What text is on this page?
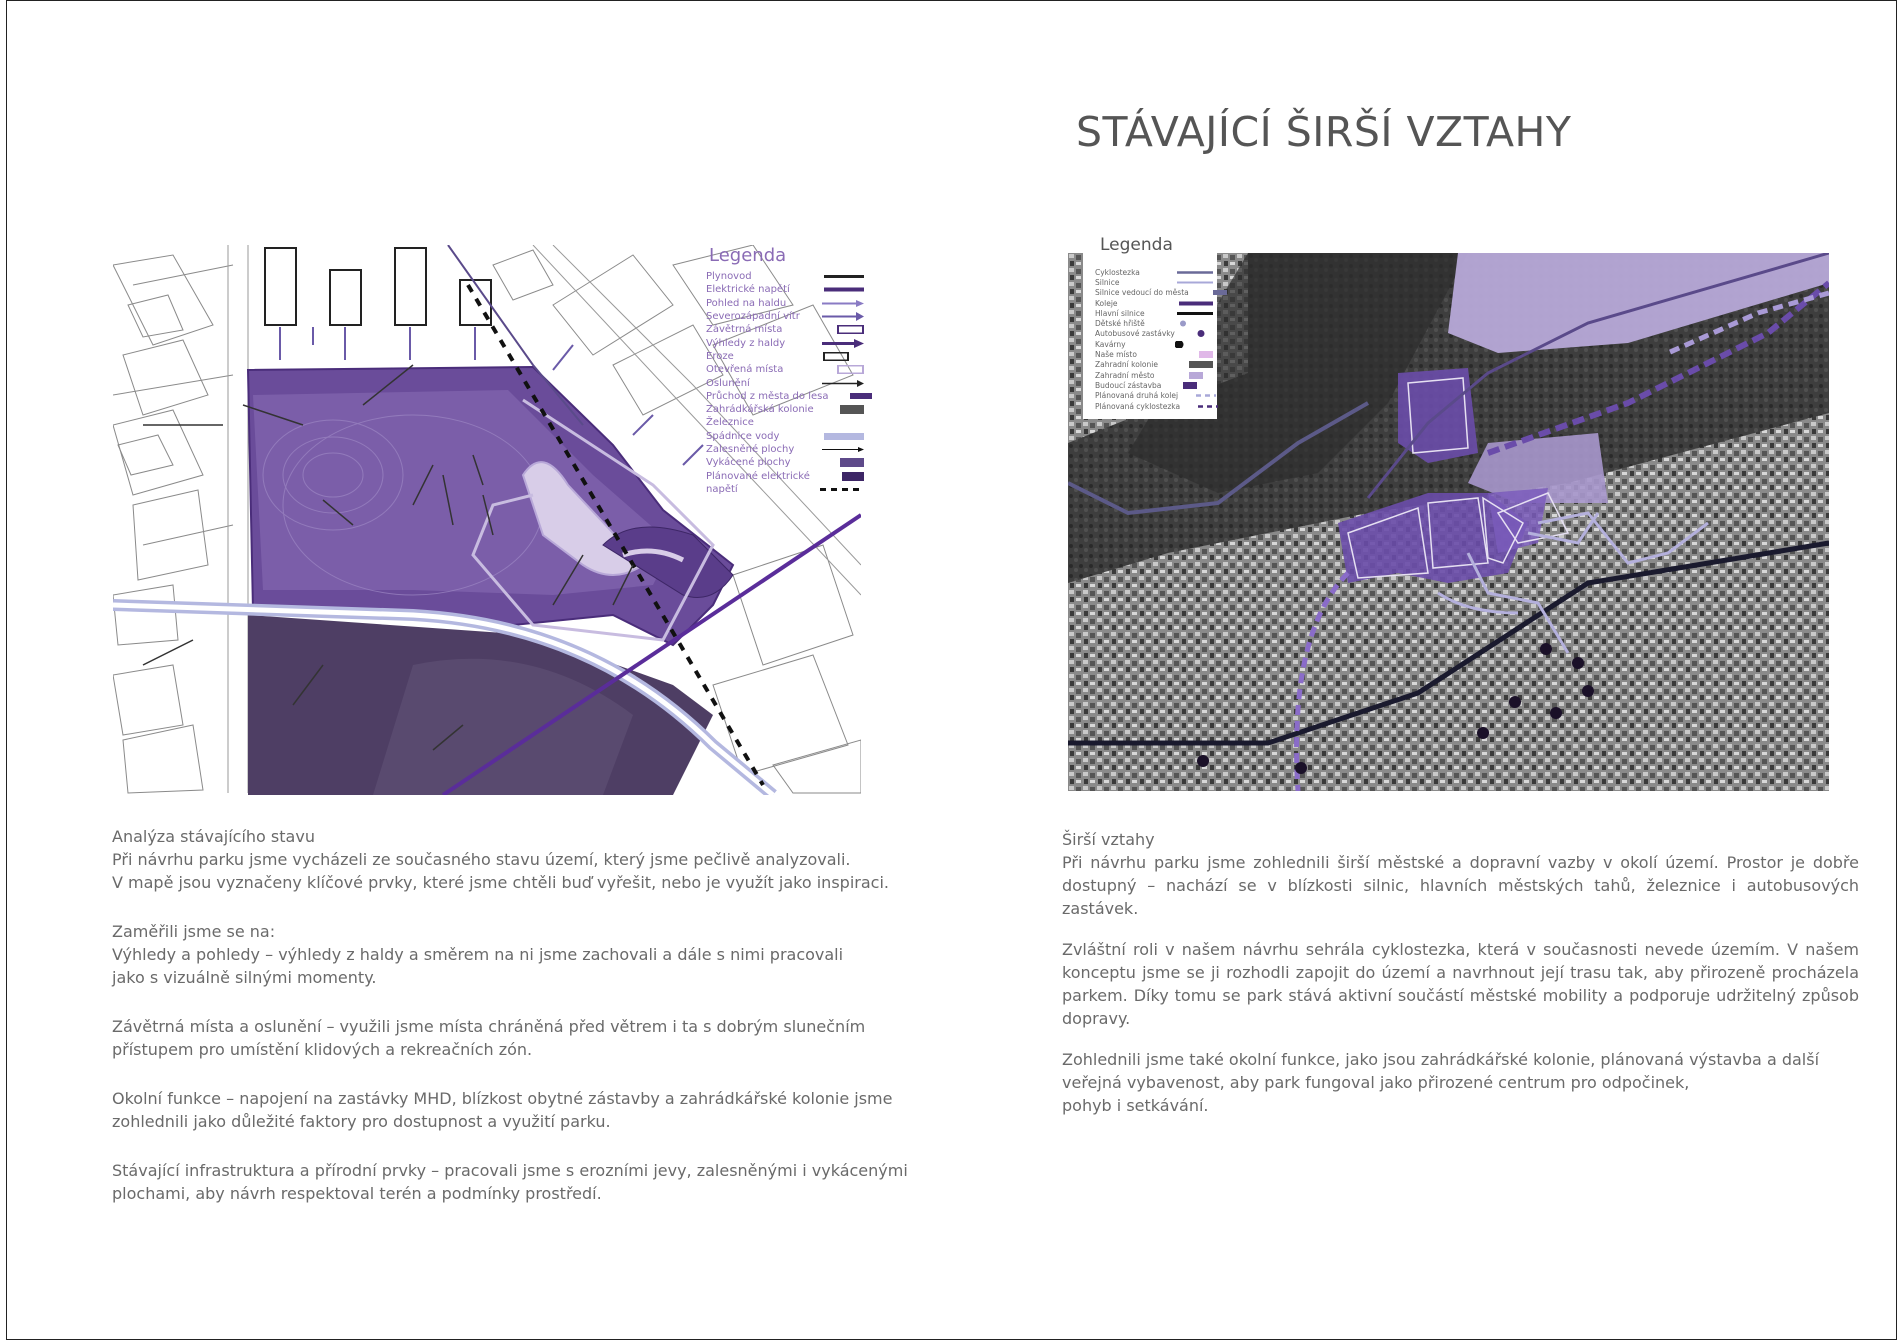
STÁVAJÍCÍ ŠIRŠÍ VZTAHY
Legenda
Plynovod
Elektrické napětí
Pohled na haldu
Severozápadní vítr
Závětrná místa
Výhledy z haldy
Eroze
Otevřená místa
Oslunění
Průchod z města do lesa
Zahrádkářská kolonie
Železnice
Spádnice vody
Zalesněné plochy
Vykácené plochy
Plánované elektrické
napětí
Legenda
Cyklostezka
Silnice
Silnice vedoucí do města
Koleje
Hlavní silnice
Dětské hřiště
Autobusové zastávky
Kavárny
Naše místo
Zahradní kolonie
Zahradní město
Budoucí zástavba
Plánovaná druhá kolej
Plánovaná cyklostezka

Analýza stávajícího stavu

Při návrhu parku jsme vycházeli ze současného stavu území, který jsme pečlivě analyzovali.

V mapě jsou vyznačeny klíčové prvky, které jsme chtěli buď vyřešit, nebo je využít jako inspiraci.

Zaměřili jsme se na:

Výhledy a pohledy – výhledy z haldy a směrem na ni jsme zachovali a dále s nimi pracovali

jako s vizuálně silnými momenty.

Závětrná místa a oslunění – využili jsme místa chráněná před větrem i ta s dobrým slunečním

přístupem pro umístění klidových a rekreačních zón.

Okolní funkce – napojení na zastávky MHD, blízkost obytné zástavby a zahrádkářské kolonie jsme

zohlednili jako důležité faktory pro dostupnost a využití parku.

Stávající infrastruktura a přírodní prvky – pracovali jsme s erozními jevy, zalesněnými i vykácenými

plochami, aby návrh respektoval terén a podmínky prostředí.

Širší vztahy

Při návrhu parku jsme zohlednili širší městské a dopravní vazby v okolí území. Prostor je dobře dostupný – nachází se v blízkosti silnic, hlavních městských tahů, železnice i autobusových zastávek.

Zvláštní roli v našem návrhu sehrála cyklostezka, která v současnosti nevede územím. V našem konceptu jsme se ji rozhodli zapojit do území a navrhnout její trasu tak, aby přirozeně procházela parkem. Díky tomu se park stává aktivní součástí městské mobility a podporuje udržitelný způsob dopravy.

Zohlednili jsme také okolní funkce, jako jsou zahrádkářské kolonie, plánovaná výstavba a další veřejná vybavenost, aby park fungoval jako přirozené centrum pro odpočinek,

pohyb i setkávání.
